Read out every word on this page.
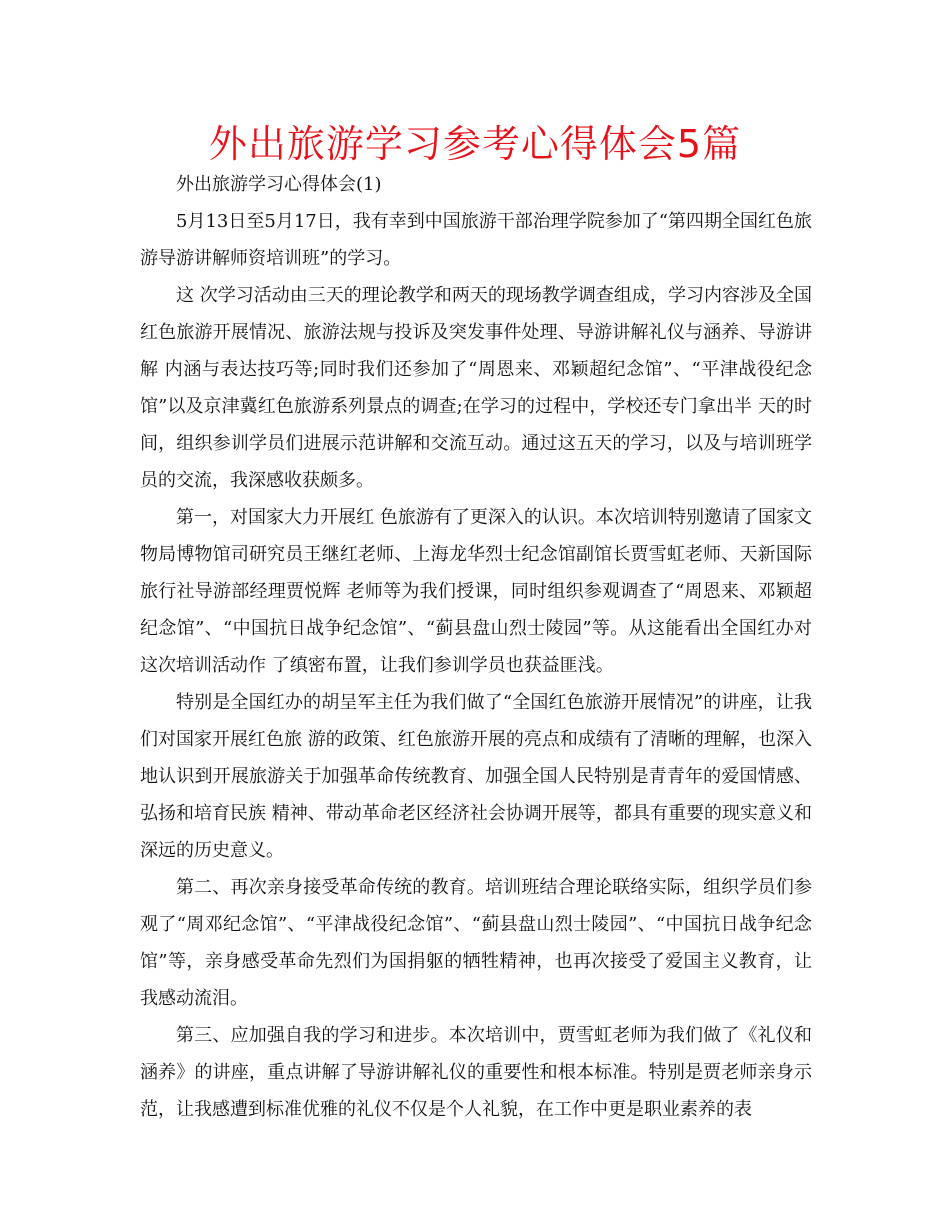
外出旅游学习参考心得体会5篇

外出旅游学习心得体会(1)

5月13日至5月17日，我有幸到中国旅游干部治理学院参加了“第四期全国红色旅游导游讲解师资培训班”的学习。

这 次学习活动由三天的理论教学和两天的现场教学调查组成，学习内容涉及全国红色旅游开展情况、旅游法规与投诉及突发事件处理、导游讲解礼仪与涵养、导游讲解 内涵与表达技巧等;同时我们还参加了“周恩来、邓颖超纪念馆”、“平津战役纪念馆”以及京津冀红色旅游系列景点的调查;在学习的过程中，学校还专门拿出半 天的时间，组织参训学员们进展示范讲解和交流互动。通过这五天的学习，以及与培训班学员的交流，我深感收获颇多。

第一，对国家大力开展红 色旅游有了更深入的认识。本次培训特别邀请了国家文物局博物馆司研究员王继红老师、上海龙华烈士纪念馆副馆长贾雪虹老师、天新国际旅行社导游部经理贾悦辉 老师等为我们授课，同时组织参观调查了“周恩来、邓颖超纪念馆”、“中国抗日战争纪念馆”、“蓟县盘山烈士陵园”等。从这能看出全国红办对这次培训活动作 了缜密布置，让我们参训学员也获益匪浅。

特别是全国红办的胡呈军主任为我们做了“全国红色旅游开展情况”的讲座，让我们对国家开展红色旅 游的政策、红色旅游开展的亮点和成绩有了清晰的理解，也深入地认识到开展旅游关于加强革命传统教育、加强全国人民特别是青青年的爱国情感、弘扬和培育民族 精神、带动革命老区经济社会协调开展等，都具有重要的现实意义和深远的历史意义。

第二、再次亲身接受革命传统的教育。培训班结合理论联络实际，组织学员们参观了“周邓纪念馆”、“平津战役纪念馆”、“蓟县盘山烈士陵园”、“中国抗日战争纪念馆”等，亲身感受革命先烈们为国捐躯的牺牲精神，也再次接受了爱国主义教育，让我感动流泪。

第三、应加强自我的学习和进步。本次培训中，贾雪虹老师为我们做了《礼仪和涵养》的讲座，重点讲解了导游讲解礼仪的重要性和根本标准。特别是贾老师亲身示范，让我感遭到标准优雅的礼仪不仅是个人礼貌，在工作中更是职业素养的表
